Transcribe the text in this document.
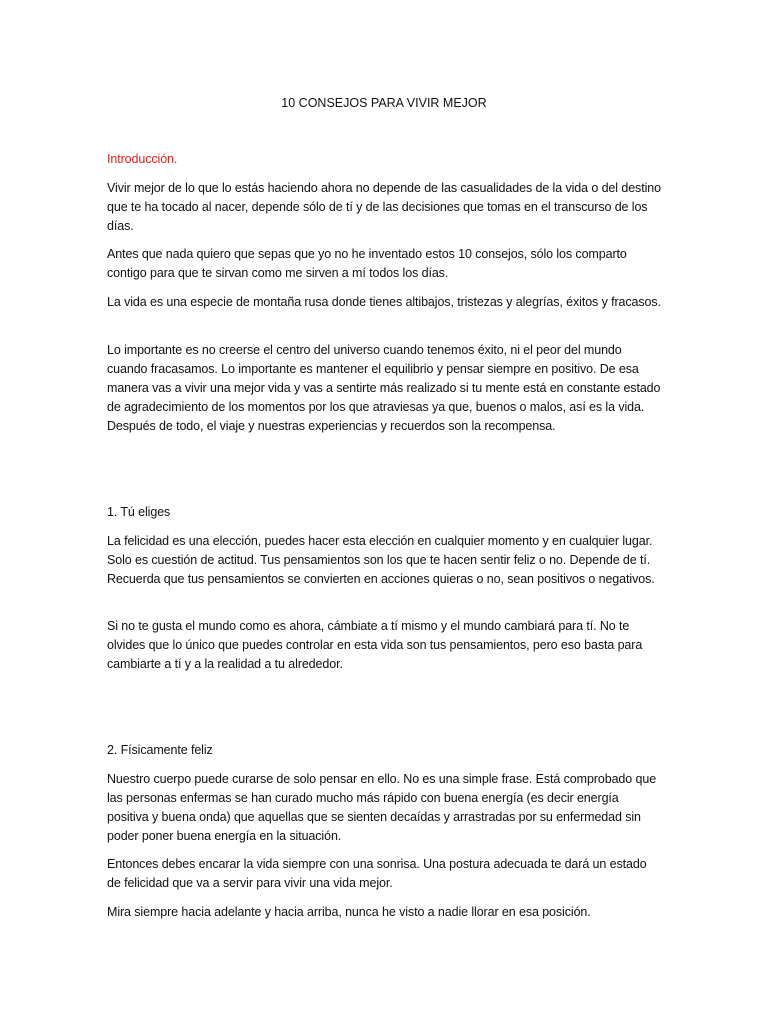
10 CONSEJOS PARA VIVIR MEJOR

Introducción.

Vivir mejor de lo que lo estás haciendo ahora no depende de las casualidades de la vida o del destino que te ha tocado al nacer, depende sólo de tí y de las decisiones que tomas en el transcurso de los días.

Antes que nada quiero que sepas que yo no he inventado estos 10 consejos, sólo los comparto contigo para que te sirvan como me sirven a mí todos los días.

La vida es una especie de montaña rusa donde tienes altibajos, tristezas y alegrías, éxitos y fracasos.

Lo importante es no creerse el centro del universo cuando tenemos éxito, ni el peor del mundo cuando fracasamos. Lo importante es mantener el equilibrio y pensar siempre en positivo. De esa manera vas a vivir una mejor vida y vas a sentirte más realizado si tu mente está en constante estado de agradecimiento de los momentos por los que atraviesas ya que, buenos o malos, así es la vida. Después de todo, el viaje y nuestras experiencias y recuerdos son la recompensa.

1. Tú eliges

La felicidad es una elección, puedes hacer esta elección en cualquier momento y en cualquier lugar. Solo es cuestión de actitud. Tus pensamientos son los que te hacen sentir feliz o no. Depende de tí. Recuerda que tus pensamientos se convierten en acciones quieras o no, sean positivos o negativos.

Si no te gusta el mundo como es ahora, cámbiate a tí mismo y el mundo cambiará para tí. No te olvides que lo único que puedes controlar en esta vida son tus pensamientos, pero eso basta para cambiarte a tí y a la realidad a tu alrededor.

2. Físicamente feliz

Nuestro cuerpo puede curarse de solo pensar en ello. No es una simple frase. Está comprobado que las personas enfermas se han curado mucho más rápido con buena energía (es decir energía positiva y buena onda) que aquellas que se sienten decaídas y arrastradas por su enfermedad sin poder poner buena energía en la situación.

Entonces debes encarar la vida siempre con una sonrisa. Una postura adecuada te dará un estado de felicidad que va a servir para vivir una vida mejor.

Mira siempre hacia adelante y hacia arriba, nunca he visto a nadie llorar en esa posición.
